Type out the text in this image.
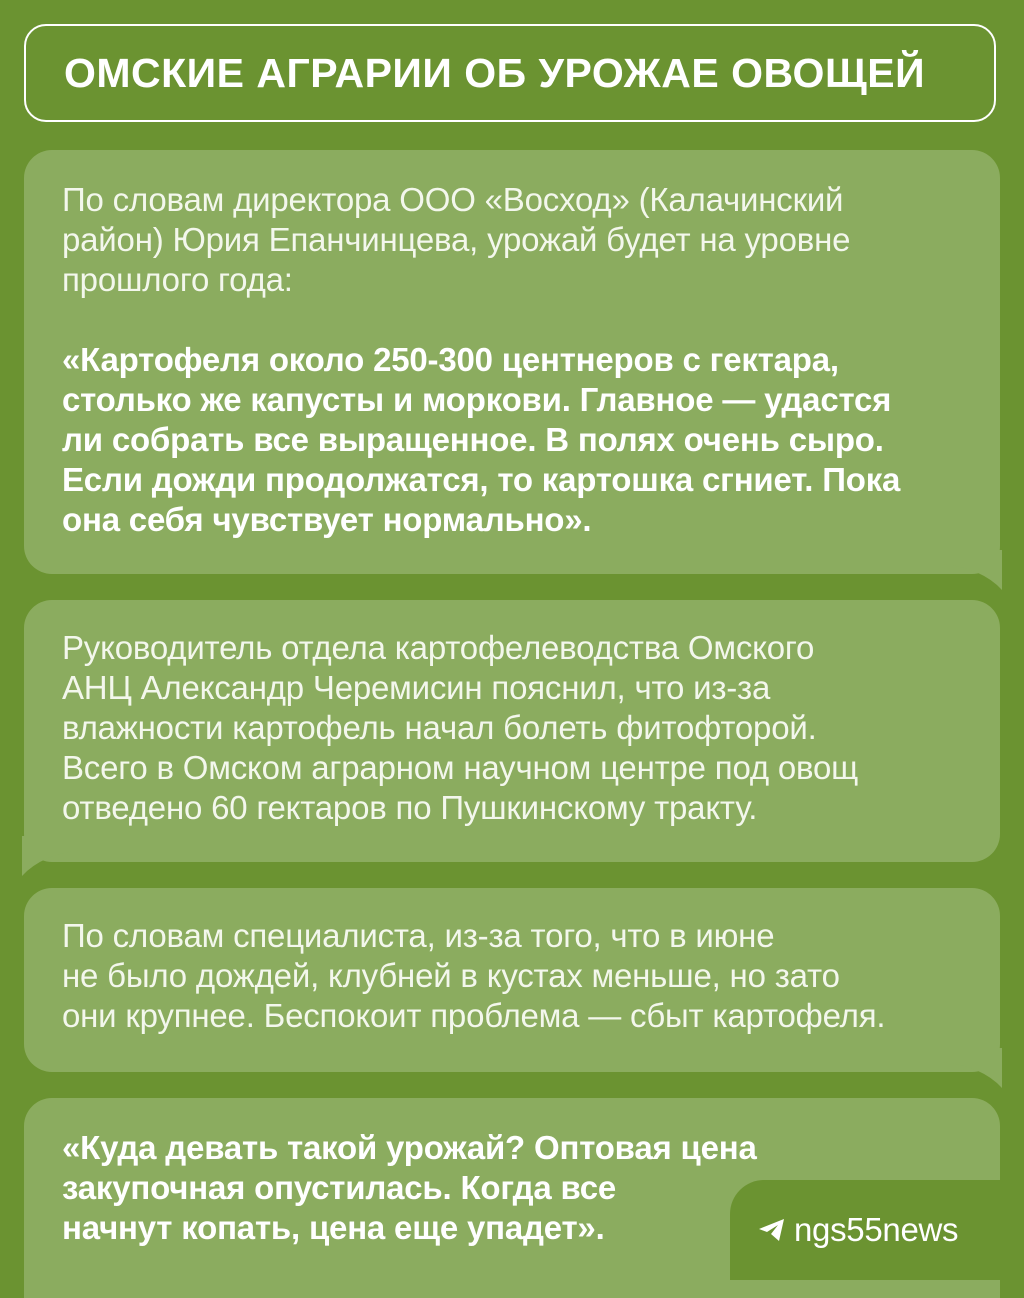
ОМСКИЕ АГРАРИИ ОБ УРОЖАЕ ОВОЩЕЙ

По словам директора ООО «Восход» (Калачинский

район) Юрия Епанчинцева, урожай будет на уровне

прошлого года:

«Картофеля около 250-300 центнеров с гектара,

столько же капусты и моркови. Главное — удастся

ли собрать все выращенное. В полях очень сыро.

Если дожди продолжатся, то картошка сгниет. Пока

она себя чувствует нормально».

Руководитель отдела картофелеводства Омского

АНЦ Александр Черемисин пояснил, что из-за

влажности картофель начал болеть фитофторой.

Всего в Омском аграрном научном центре под овощ

отведено 60 гектаров по Пушкинскому тракту.

По словам специалиста, из-за того, что в июне

не было дождей, клубней в кустах меньше, но зато

они крупнее. Беспокоит проблема — сбыт картофеля.

«Куда девать такой урожай? Оптовая цена

закупочная опустилась. Когда все

начнут копать, цена еще упадет».	ngs55news
